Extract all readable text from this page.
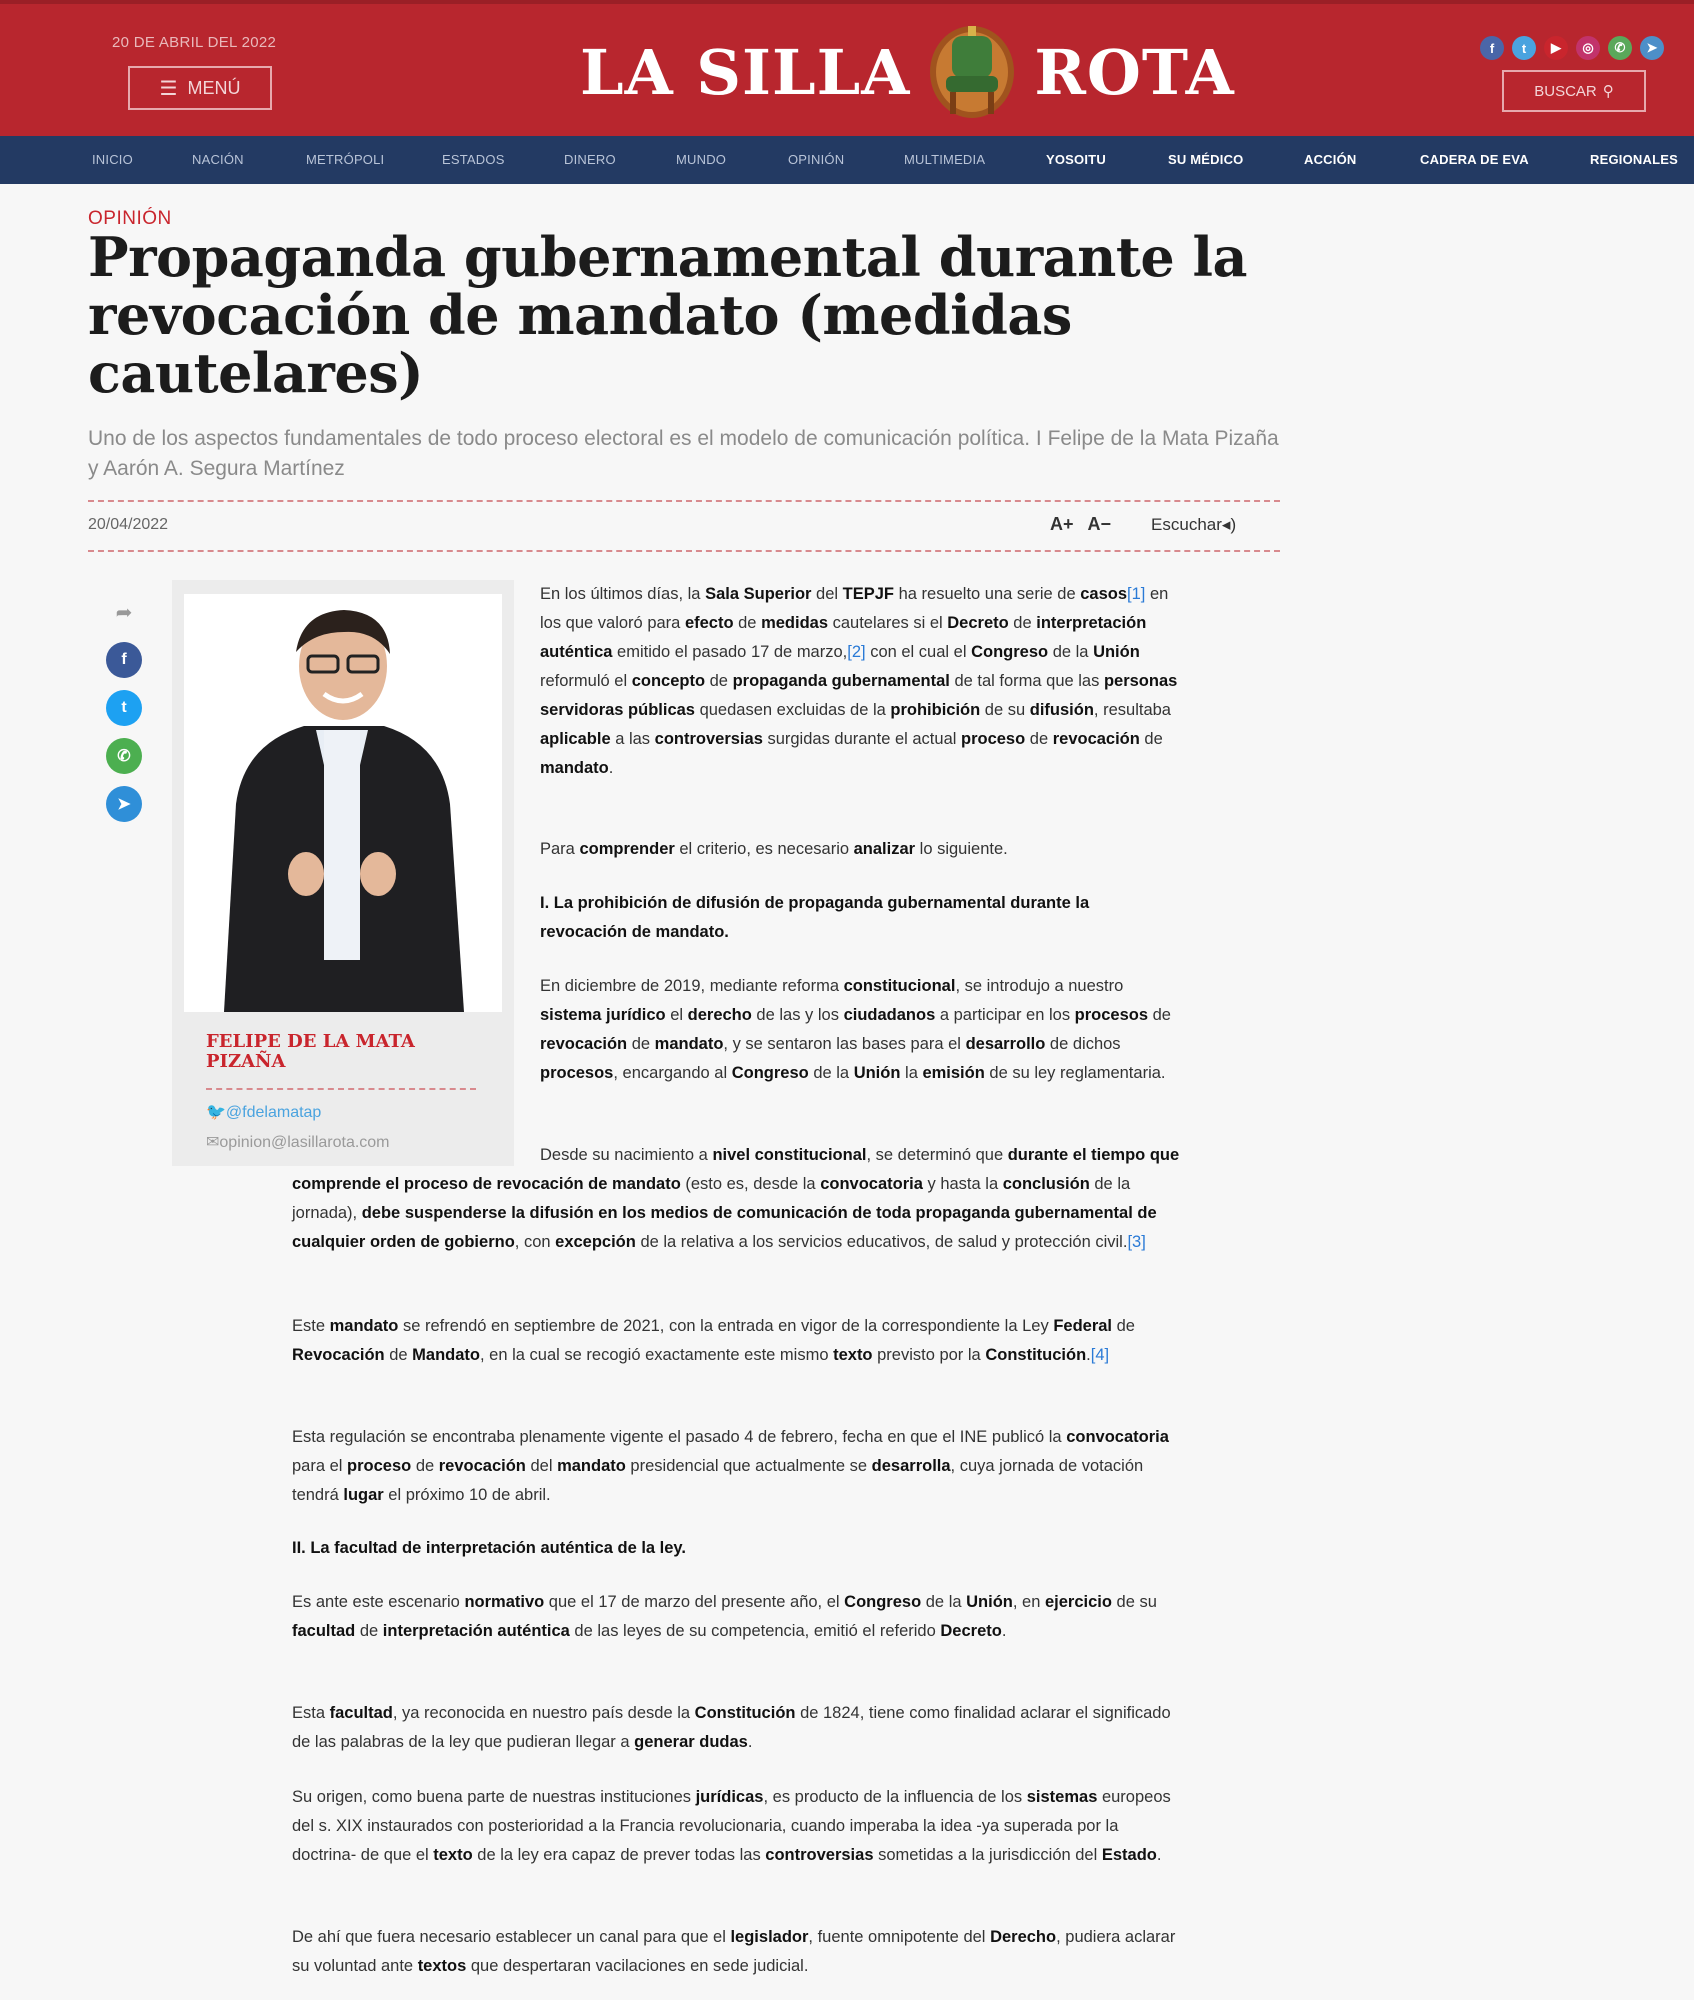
20 DE ABRIL DEL 2022
☰ MENÚ	LA SILLA ROTA	f	t	▶	◎	✆	➤
BUSCAR ⚲
INICIO	NACIÓN	METRÓPOLI	ESTADOS	DINERO	MUNDO	OPINIÓN	MULTIMEDIA	YOSOITU	SU MÉDICO	ACCIÓN	CADERA DE EVA	REGIONALES
OPINIÓN
Propaganda gubernamental durante la revocación de mandato (medidas cautelares)
Uno de los aspectos fundamentales de todo proceso electoral es el modelo de comunicación política. I Felipe de la Mata Pizaña y Aarón A. Segura Martínez
20/04/2022	A+ A− Escuchar◂)
➦
f
t
✆
➤
FELIPE DE LA MATA PIZAÑA
🐦@fdelamatap
✉opinion@lasillarota.com
En los últimos días, la Sala Superior del TEPJF ha resuelto una serie de casos[1] en los que valoró para efecto de medidas cautelares si el Decreto de interpretación auténtica emitido el pasado 17 de marzo,[2] con el cual el Congreso de la Unión reformuló el concepto de propaganda gubernamental de tal forma que las personas servidoras públicas quedasen excluidas de la prohibición de su difusión, resultaba aplicable a las controversias surgidas durante el actual proceso de revocación de mandato.
Para comprender el criterio, es necesario analizar lo siguiente.
I. La prohibición de difusión de propaganda gubernamental durante la revocación de mandato.
En diciembre de 2019, mediante reforma constitucional, se introdujo a nuestro sistema jurídico el derecho de las y los ciudadanos a participar en los procesos de revocación de mandato, y se sentaron las bases para el desarrollo de dichos procesos, encargando al Congreso de la Unión la emisión de su ley reglamentaria.
Desde su nacimiento a nivel constitucional, se determinó que durante el tiempo que comprende el proceso de revocación de mandato (esto es, desde la convocatoria y hasta la conclusión de la jornada), debe suspenderse la difusión en los medios de comunicación de toda propaganda gubernamental de cualquier orden de gobierno, con excepción de la relativa a los servicios educativos, de salud y protección civil.[3]
Este mandato se refrendó en septiembre de 2021, con la entrada en vigor de la correspondiente la Ley Federal de Revocación de Mandato, en la cual se recogió exactamente este mismo texto previsto por la Constitución.[4]
Esta regulación se encontraba plenamente vigente el pasado 4 de febrero, fecha en que el INE publicó la convocatoria para el proceso de revocación del mandato presidencial que actualmente se desarrolla, cuya jornada de votación tendrá lugar el próximo 10 de abril.
II. La facultad de interpretación auténtica de la ley.
Es ante este escenario normativo que el 17 de marzo del presente año, el Congreso de la Unión, en ejercicio de su facultad de interpretación auténtica de las leyes de su competencia, emitió el referido Decreto.
Esta facultad, ya reconocida en nuestro país desde la Constitución de 1824, tiene como finalidad aclarar el significado de las palabras de la ley que pudieran llegar a generar dudas.
Su origen, como buena parte de nuestras instituciones jurídicas, es producto de la influencia de los sistemas europeos del s. XIX instaurados con posterioridad a la Francia revolucionaria, cuando imperaba la idea -ya superada por la doctrina- de que el texto de la ley era capaz de prever todas las controversias sometidas a la jurisdicción del Estado.
De ahí que fuera necesario establecer un canal para que el legislador, fuente omnipotente del Derecho, pudiera aclarar su voluntad ante textos que despertaran vacilaciones en sede judicial.
